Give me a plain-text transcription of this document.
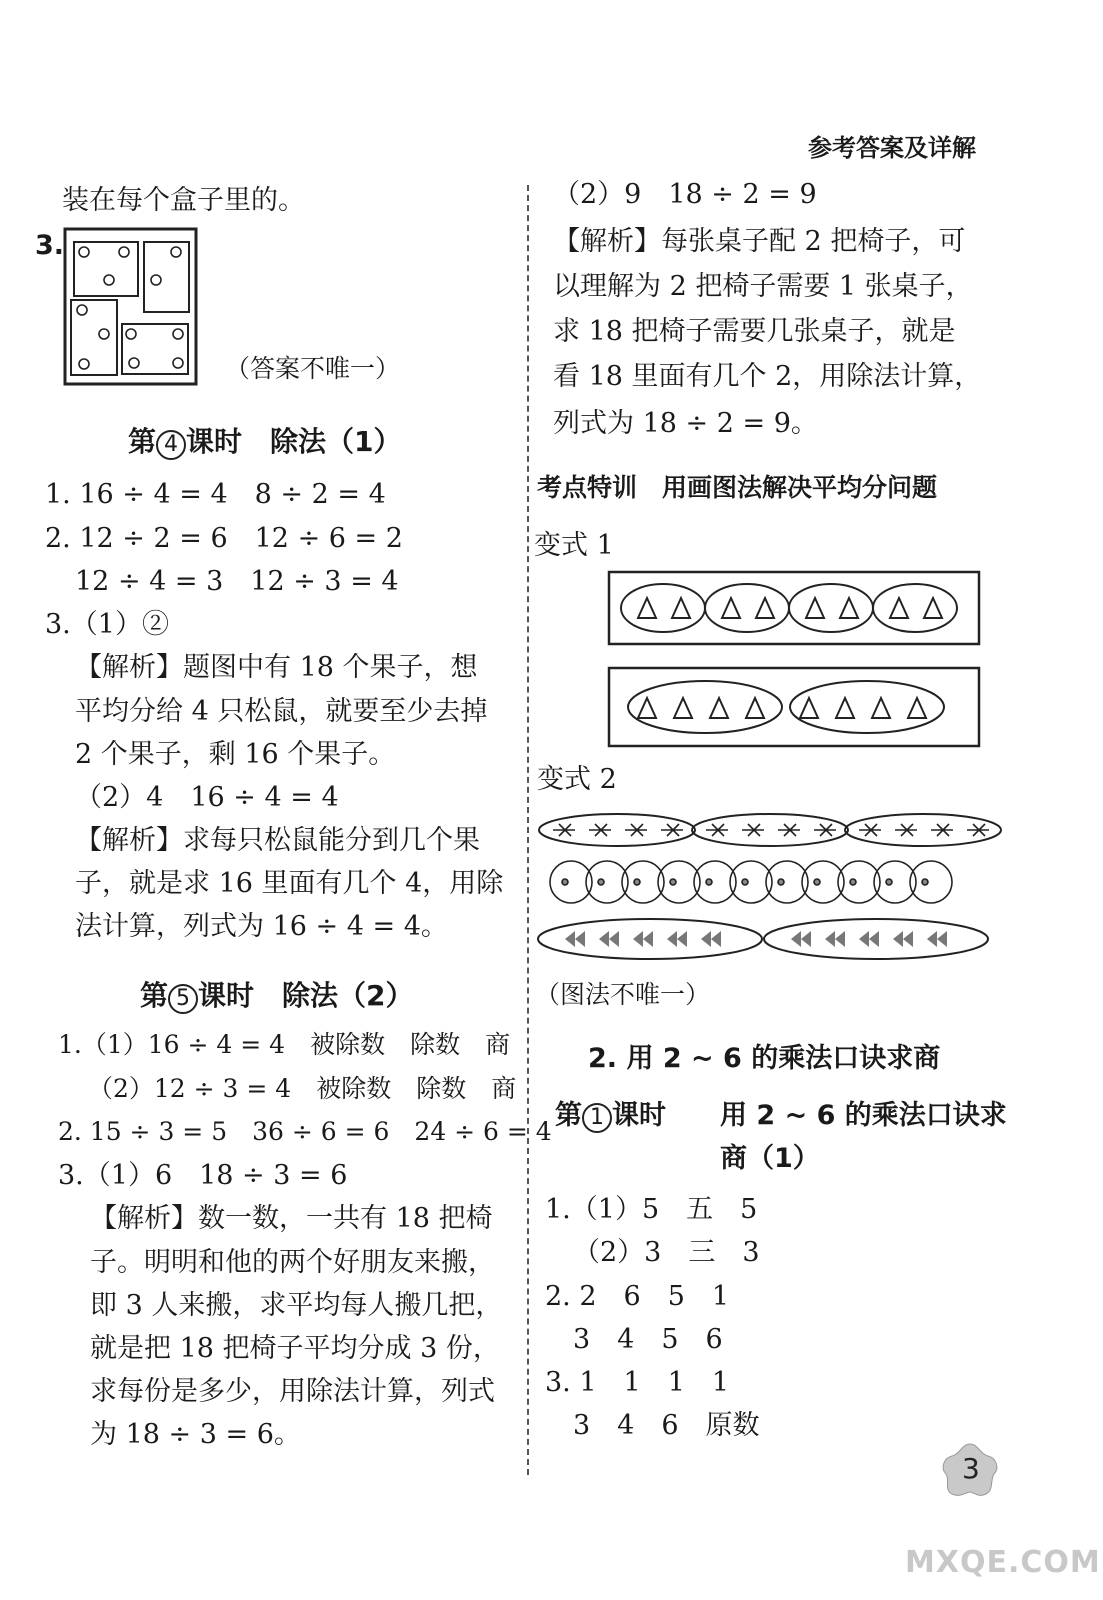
参考答案及详解
装在每个盒子里的。
3.
（答案不唯一）
第 4 课时　除法（1）
1. 16 ÷ 4 = 4　8 ÷ 2 = 4
2. 12 ÷ 2 = 6　12 ÷ 6 = 2
12 ÷ 4 = 3　12 ÷ 3 = 4
3.（1）②
【解析】题图中有 18 个果子，想
平均分给 4 只松鼠，就要至少去掉
2 个果子，剩 16 个果子。
（2）4　16 ÷ 4 = 4
【解析】求每只松鼠能分到几个果
子，就是求 16 里面有几个 4，用除
法计算，列式为 16 ÷ 4 = 4。
第 5 课时　除法（2）
1.（1）16 ÷ 4 = 4　被除数　除数　商
（2）12 ÷ 3 = 4　被除数　除数　商
2. 15 ÷ 3 = 5　36 ÷ 6 = 6　24 ÷ 6 = 4
3.（1）6　18 ÷ 3 = 6
【解析】数一数，一共有 18 把椅
子。明明和他的两个好朋友来搬，
即 3 人来搬，求平均每人搬几把，
就是把 18 把椅子平均分成 3 份，
求每份是多少，用除法计算，列式
为 18 ÷ 3 = 6。
（2）9　18 ÷ 2 = 9
【解析】每张桌子配 2 把椅子，可
以理解为 2 把椅子需要 1 张桌子，
求 18 把椅子需要几张桌子，就是
看 18 里面有几个 2，用除法计算，
列式为 18 ÷ 2 = 9。
考点特训　用画图法解决平均分问题
变式 1
变式 2
（图法不唯一）
2. 用 2 ~ 6 的乘法口诀求商
第 1 课时　　用 2 ~ 6 的乘法口诀求
商（1）
1.（1）5　五　5
（2）3　三　3
2. 2　6　5　1
3　4　5　6
3. 1　1　1　1
3　4　6　原数
3
MXQE.COM
